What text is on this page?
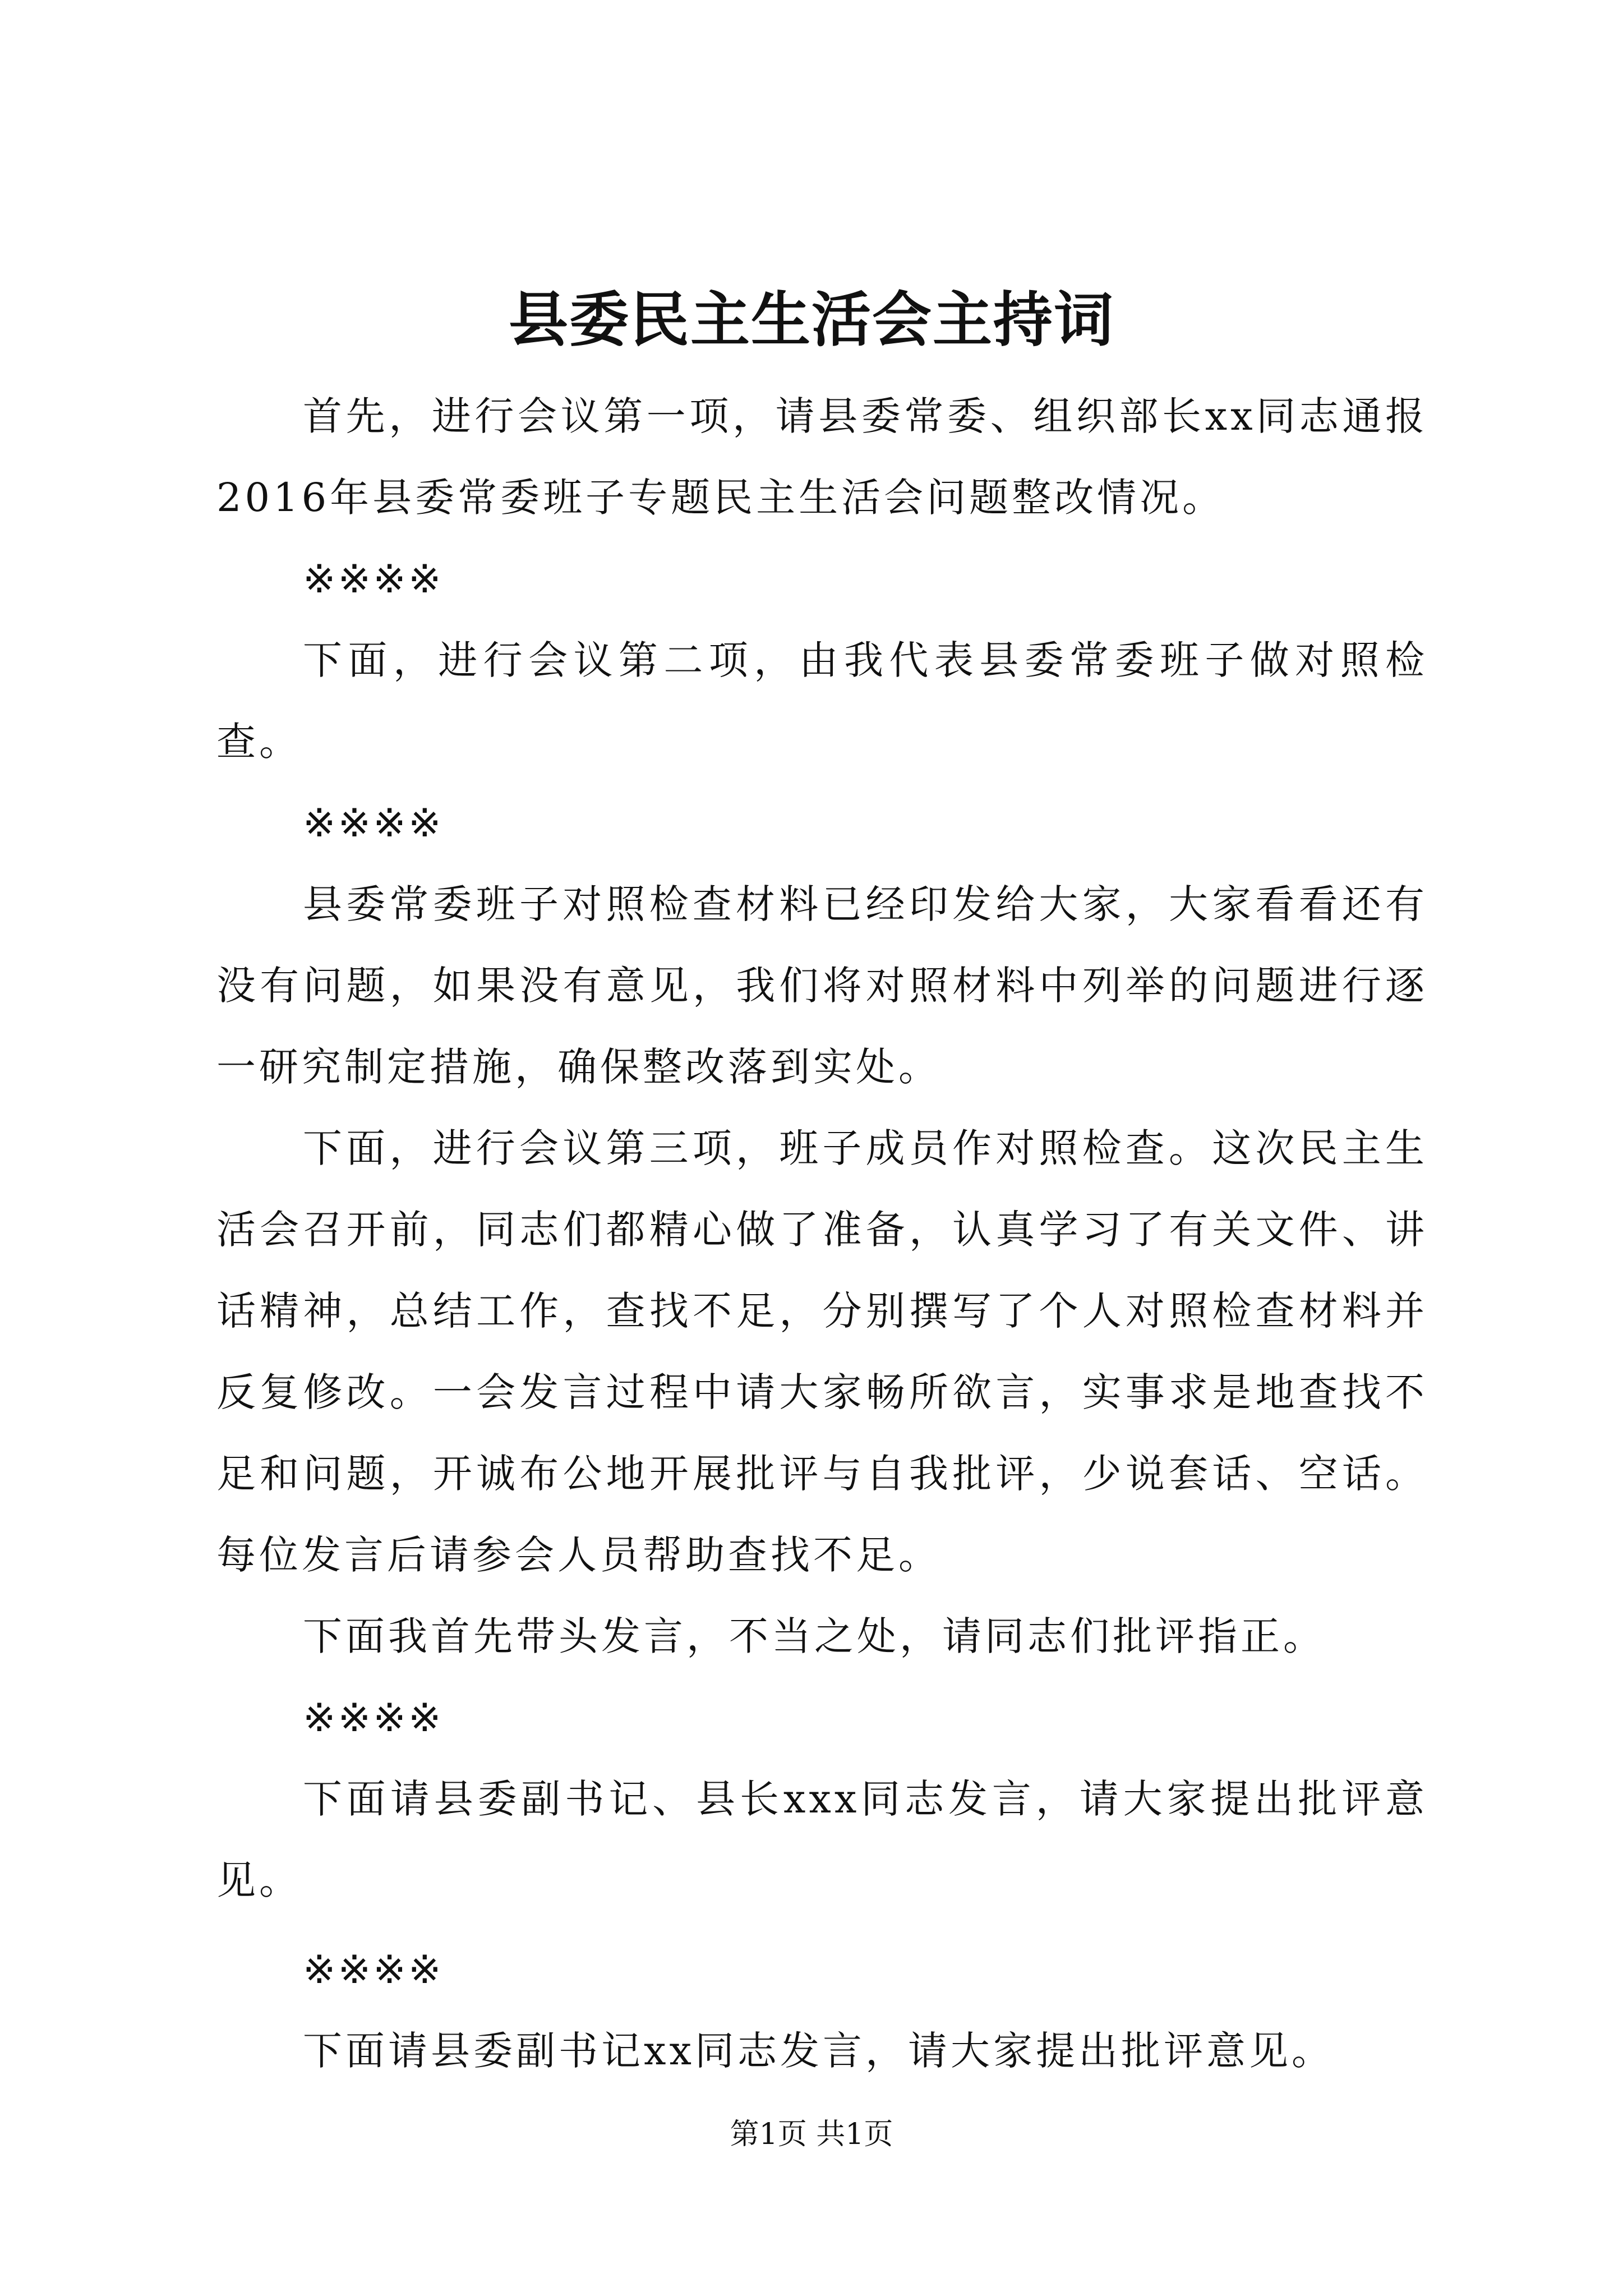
县委民主生活会主持词

首先，进行会议第一项，请县委常委、组织部长xx同志通报2016年县委常委班子专题民主生活会问题整改情况。

※※※※

下面，进行会议第二项，由我代表县委常委班子做对照检查。

※※※※

县委常委班子对照检查材料已经印发给大家，大家看看还有没有问题，如果没有意见，我们将对照材料中列举的问题进行逐一研究制定措施，确保整改落到实处。

下面，进行会议第三项，班子成员作对照检查。这次民主生活会召开前，同志们都精心做了准备，认真学习了有关文件、讲话精神，总结工作，查找不足，分别撰写了个人对照检查材料并反复修改。一会发言过程中请大家畅所欲言，实事求是地查找不足和问题，开诚布公地开展批评与自我批评，少说套话、空话。每位发言后请参会人员帮助查找不足。

下面我首先带头发言，不当之处，请同志们批评指正。

※※※※

下面请县委副书记、县长xxx同志发言，请大家提出批评意见。

※※※※

下面请县委副书记xx同志发言，请大家提出批评意见。

第1页 共1页
